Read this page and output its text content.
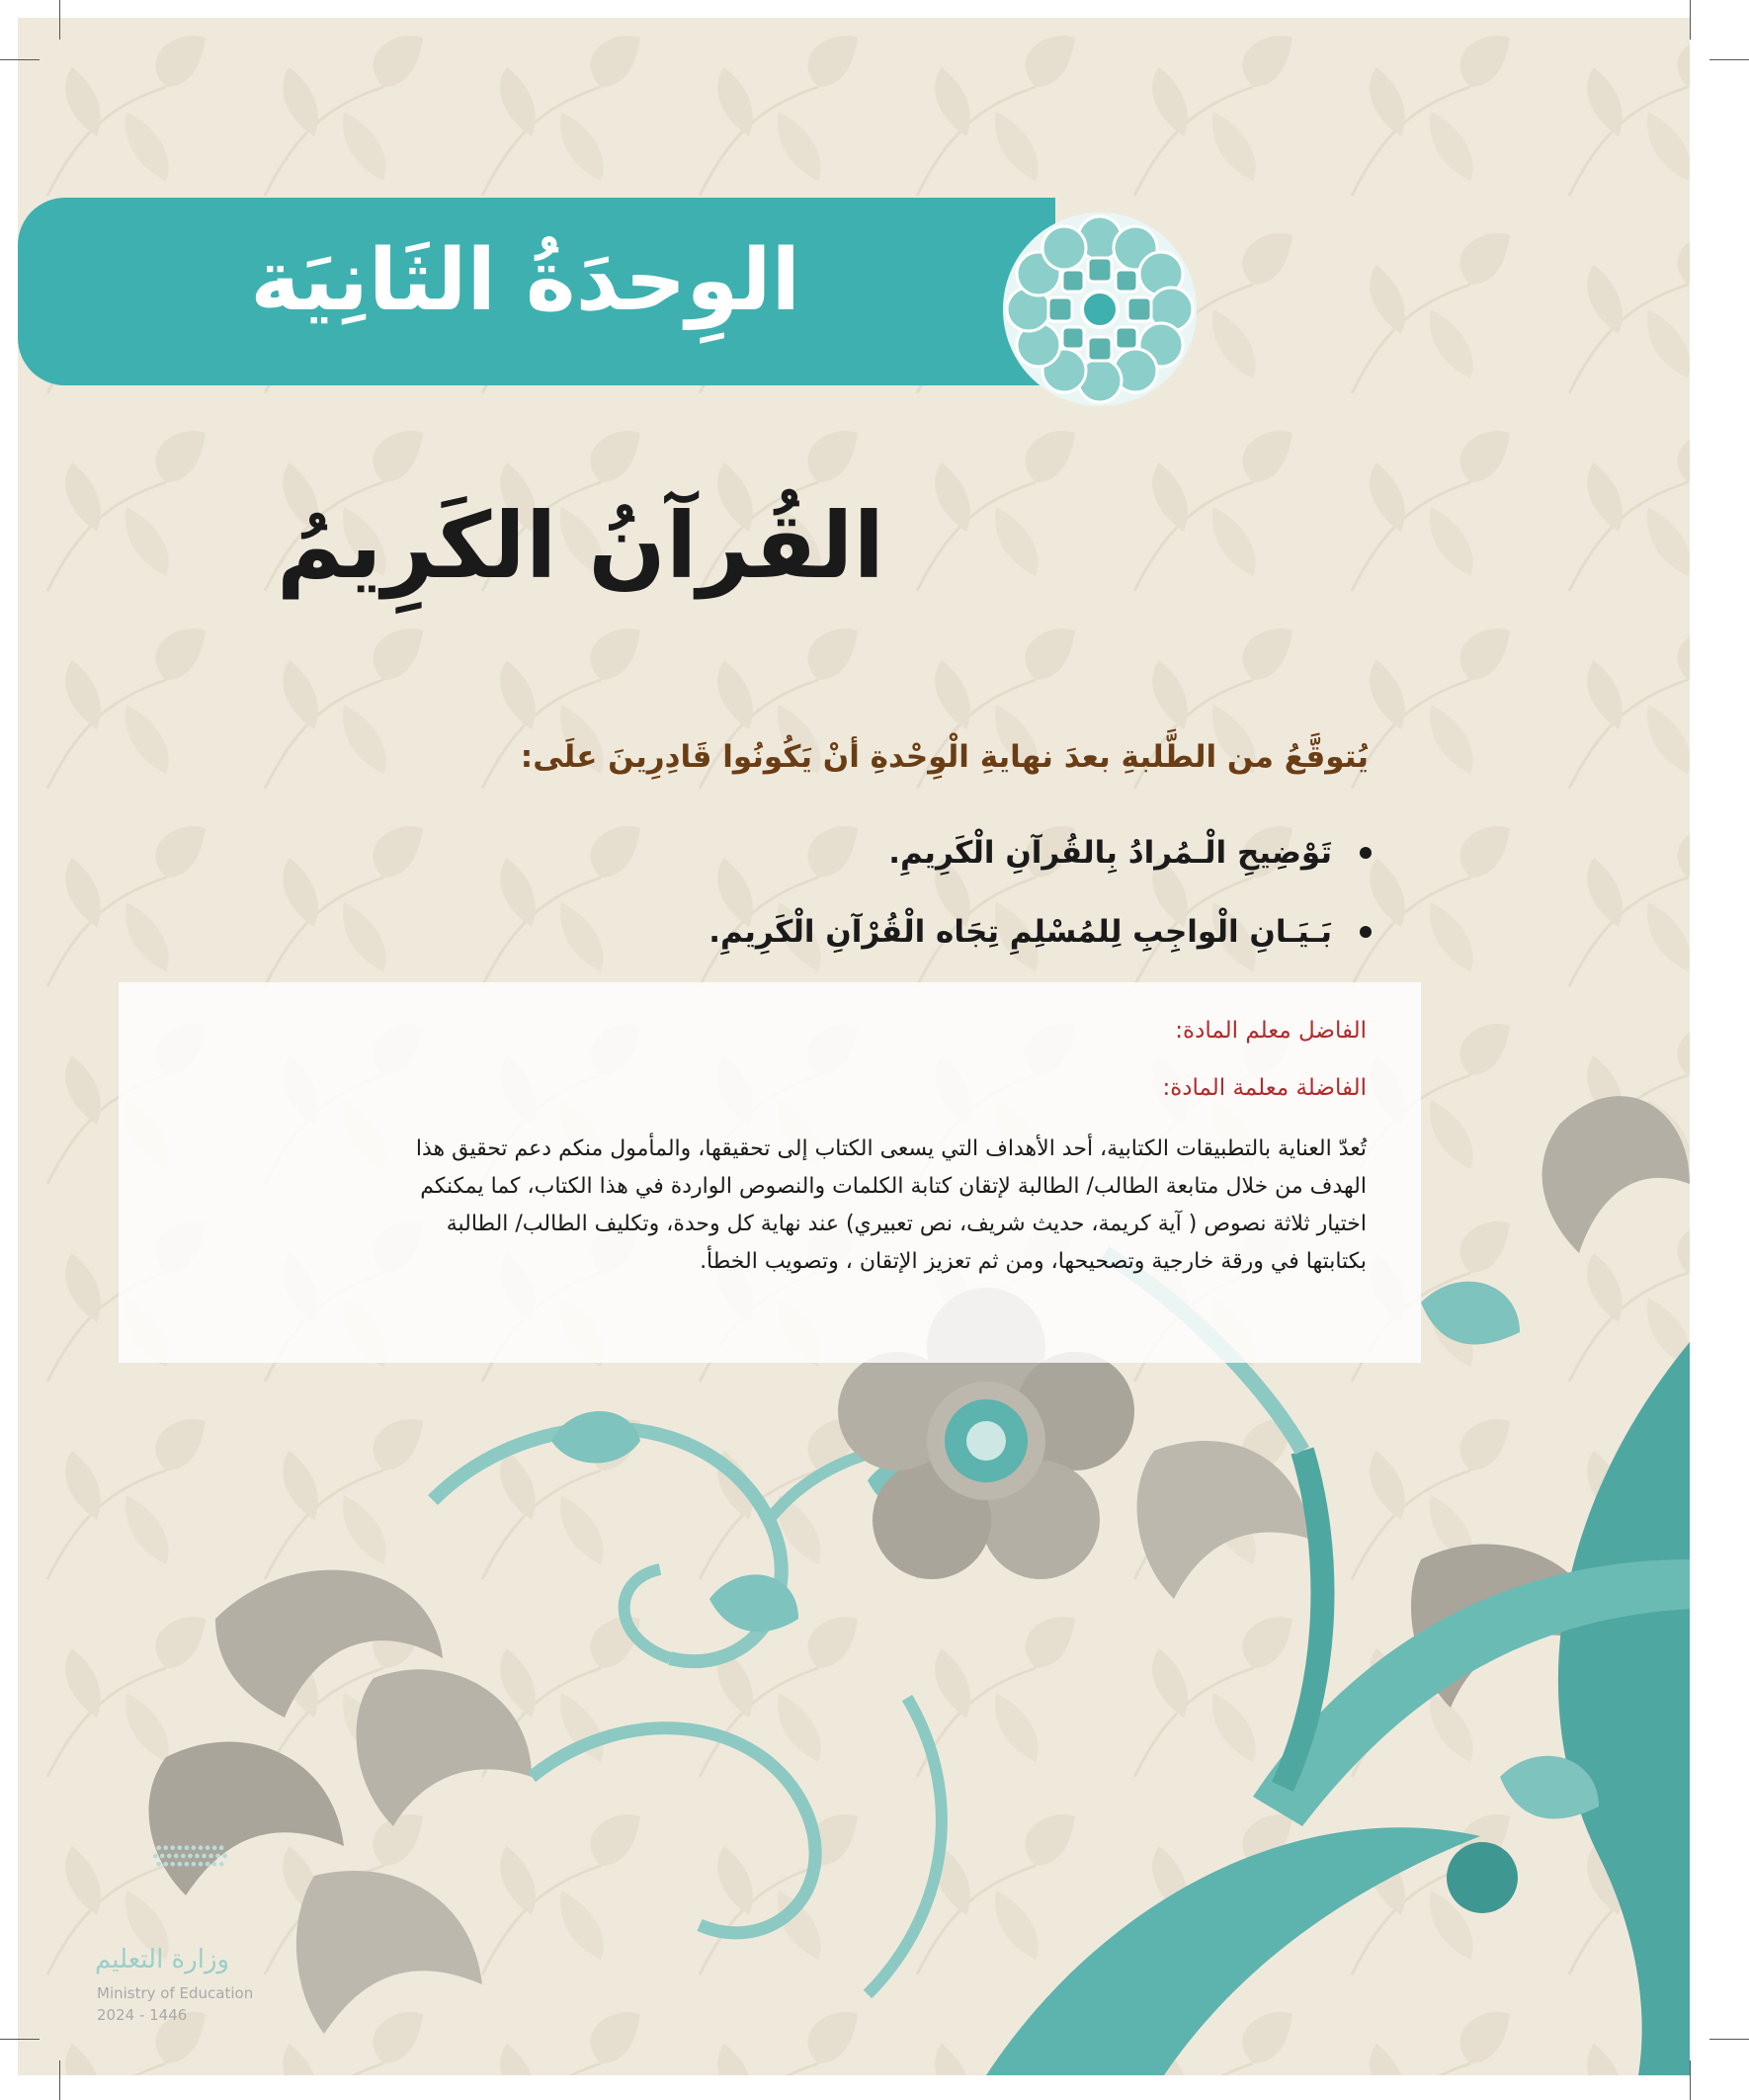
الوِحدَةُ الثَانِيَة
القُرآنُ الكَرِيمُ
يُتوقَّعُ من الطَّلبةِ بعدَ نهايةِ الْوِحْدةِ أنْ يَكُونُوا قَادِرِينَ علَى:
تَوْضِيحِ الْـمُرادُ بِالقُرآنِ الْكَرِيمِ.
بَـيَـانِ الْواجِبِ لِلمُسْلِمِ تِجَاه الْقُرْآنِ الْكَرِيمِ.
الفاضل معلم المادة:
الفاضلة معلمة المادة:

تُعدّ العناية بالتطبيقات الكتابية، أحد الأهداف التي يسعى الكتاب إلى تحقيقها، والمأمول منكم دعم تحقيق هذا

الهدف من خلال متابعة الطالب/ الطالبة لإتقان كتابة الكلمات والنصوص الواردة في هذا الكتاب، كما يمكنكم

اختيار ثلاثة نصوص ( آية كريمة، حديث شريف، نص تعبيري) عند نهاية كل وحدة، وتكليف الطالب/ الطالبة

بكتابتها في ورقة خارجية وتصحيحها، ومن ثم تعزيز الإتقان ، وتصويب الخطأ.

وزارة التعليم
Ministry of Education
2024 - 1446
